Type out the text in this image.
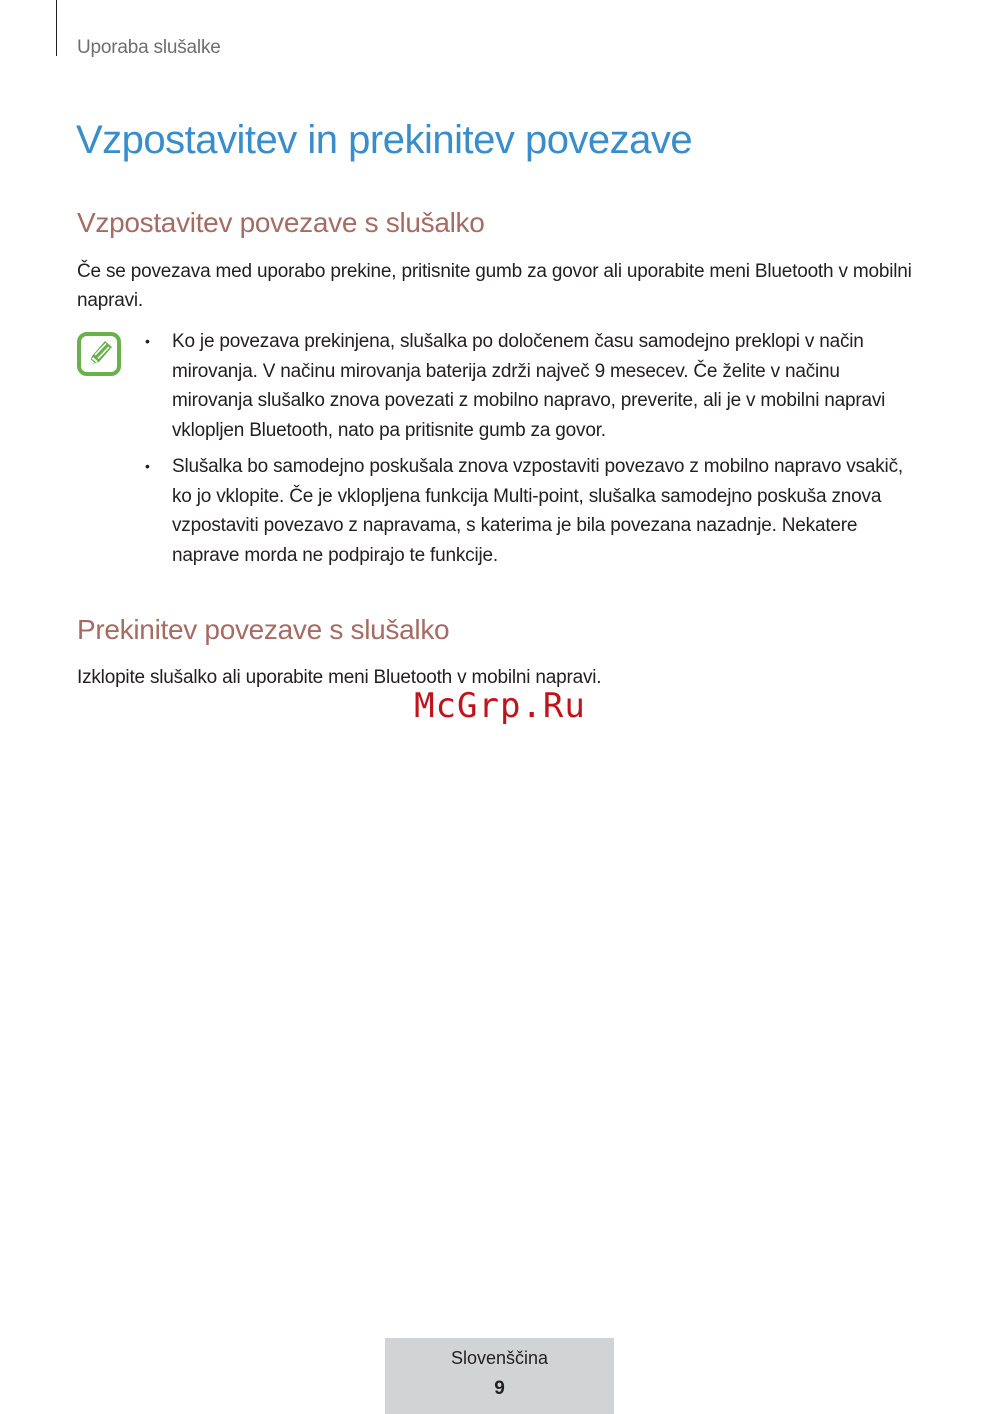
Uporaba slušalke
Vzpostavitev in prekinitev povezave
Vzpostavitev povezave s slušalko

Če se povezava med uporabo prekine, pritisnite gumb za govor ali uporabite meni Bluetooth v mobilni napravi.

• Ko je povezava prekinjena, slušalka po določenem času samodejno preklopi v način mirovanja. V načinu mirovanja baterija zdrži največ 9 mesecev. Če želite v načinu mirovanja slušalko znova povezati z mobilno napravo, preverite, ali je v mobilni napravi vklopljen Bluetooth, nato pa pritisnite gumb za govor.
• Slušalka bo samodejno poskušala znova vzpostaviti povezavo z mobilno napravo vsakič, ko jo vklopite. Če je vklopljena funkcija Multi-point, slušalka samodejno poskuša znova vzpostaviti povezavo z napravama, s katerima je bila povezana nazadnje. Nekatere naprave morda ne podpirajo te funkcije.
Prekinitev povezave s slušalko

Izklopite slušalko ali uporabite meni Bluetooth v mobilni napravi.

McGrp.Ru
Slovenščina
9
